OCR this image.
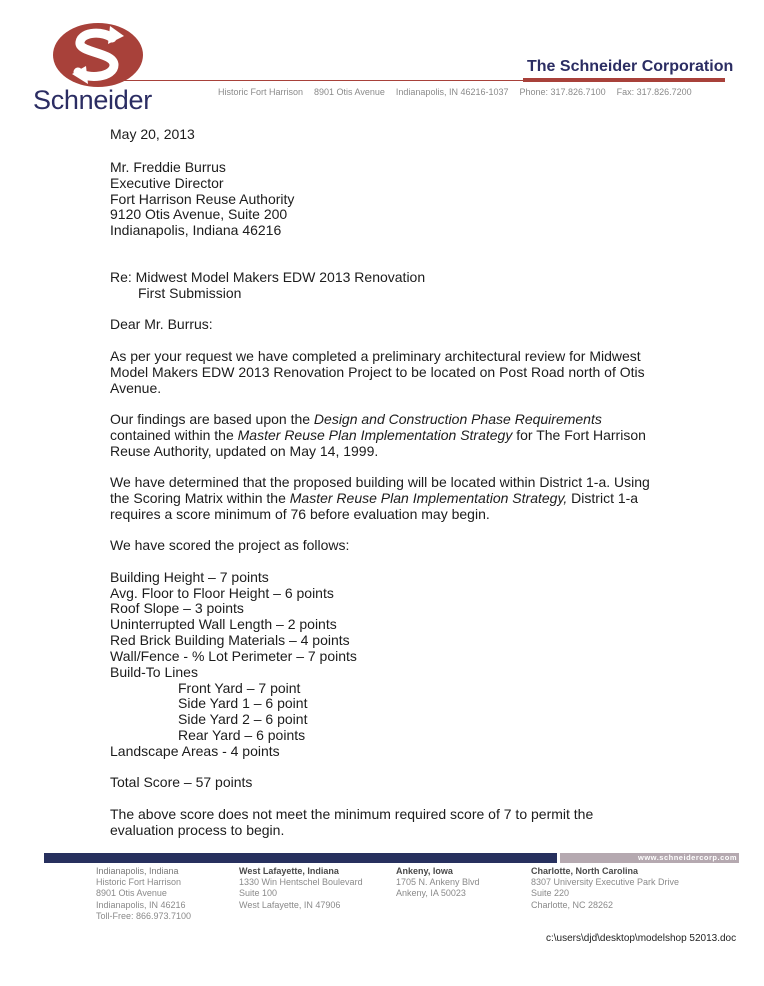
Schneider
The Schneider Corporation
Historic Fort Harrison 8901 Otis Avenue Indianapolis, IN 46216-1037 Phone: 317.826.7100 Fax: 317.826.7200
May 20, 2013
Mr. Freddie Burrus
Executive Director
Fort Harrison Reuse Authority
9120 Otis Avenue, Suite 200
Indianapolis, Indiana 46216
Re: Midwest Model Makers EDW 2013 Renovation
First Submission
Dear Mr. Burrus:
As per your request we have completed a preliminary architectural review for Midwest
Model Makers EDW 2013 Renovation Project to be located on Post Road north of Otis
Avenue.
Our findings are based upon the Design and Construction Phase Requirements
contained within the Master Reuse Plan Implementation Strategy for The Fort Harrison
Reuse Authority, updated on May 14, 1999.
We have determined that the proposed building will be located within District 1-a. Using
the Scoring Matrix within the Master Reuse Plan Implementation Strategy, District 1-a
requires a score minimum of 76 before evaluation may begin.
We have scored the project as follows:
Building Height – 7 points
Avg. Floor to Floor Height – 6 points
Roof Slope – 3 points
Uninterrupted Wall Length – 2 points
Red Brick Building Materials – 4 points
Wall/Fence - % Lot Perimeter – 7 points
Build-To Lines
Front Yard – 7 point
Side Yard 1 – 6 point
Side Yard 2 – 6 point
Rear Yard – 6 points
Landscape Areas - 4 points
Total Score – 57 points
The above score does not meet the minimum required score of 7 to permit the
evaluation process to begin.
www.schneidercorp.com
Indianapolis, Indiana
Historic Fort Harrison
8901 Otis Avenue
Indianapolis, IN 46216
Toll-Free: 866.973.7100
West Lafayette, Indiana
1330 Win Hentschel Boulevard
Suite 100
West Lafayette, IN 47906
Ankeny, Iowa
1705 N. Ankeny Blvd
Ankeny, IA 50023
Charlotte, North Carolina
8307 University Executive Park Drive
Suite 220
Charlotte, NC 28262
c:\users\djd\desktop\modelshop 52013.doc
